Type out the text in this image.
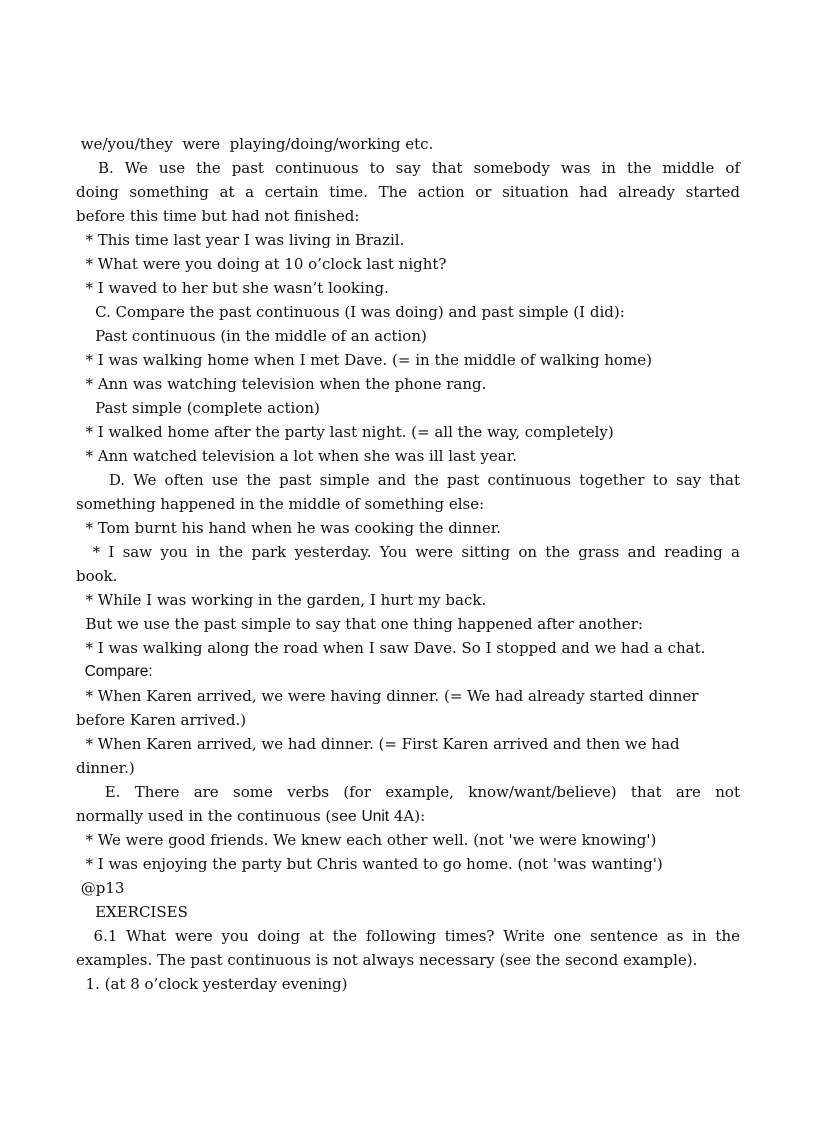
we/you/they  were  playing/doing/working etc.
B.  We  use  the  past  continuous  to  say  that  somebody  was  in  the  middle  of
doing something at a certain time. The action or situation had already started
before this time but had not finished:
* This time last year I was living in Brazil.
* What were you doing at 10 o’clock last night?
* I waved to her but she wasn’t looking.
C. Compare the past continuous (I was doing) and past simple (I did):
Past continuous (in the middle of an action)
* I was walking home when I met Dave. (= in the middle of walking home)
* Ann was watching television when the phone rang.
Past simple (complete action)
* I walked home after the party last night. (= all the way, completely)
* Ann watched television a lot when she was ill last year.
D. We often use the past simple and the past continuous together to say that
something happened in the middle of something else:
* Tom burnt his hand when he was cooking the dinner.
* I saw you in the park yesterday. You were sitting on the grass and reading a
book.
* While I was working in the garden, I hurt my back.
But we use the past simple to say that one thing happened after another:
* I was walking along the road when I saw Dave. So I stopped and we had a chat.
Compare:
* When Karen arrived, we were having dinner. (= We had already started dinner
before Karen arrived.)
* When Karen arrived, we had dinner. (= First Karen arrived and then we had
dinner.)
E.  There  are  some  verbs  (for  example,  know/want/believe)  that  are  not
normally used in the continuous (see Unit 4A):
* We were good friends. We knew each other well. (not 'we were knowing')
* I was enjoying the party but Chris wanted to go home. (not 'was wanting')
@p13
EXERCISES
6.1 What were you doing at the following times? Write one sentence as in the
examples. The past continuous is not always necessary (see the second example).
1. (at 8 o’clock yesterday evening)
